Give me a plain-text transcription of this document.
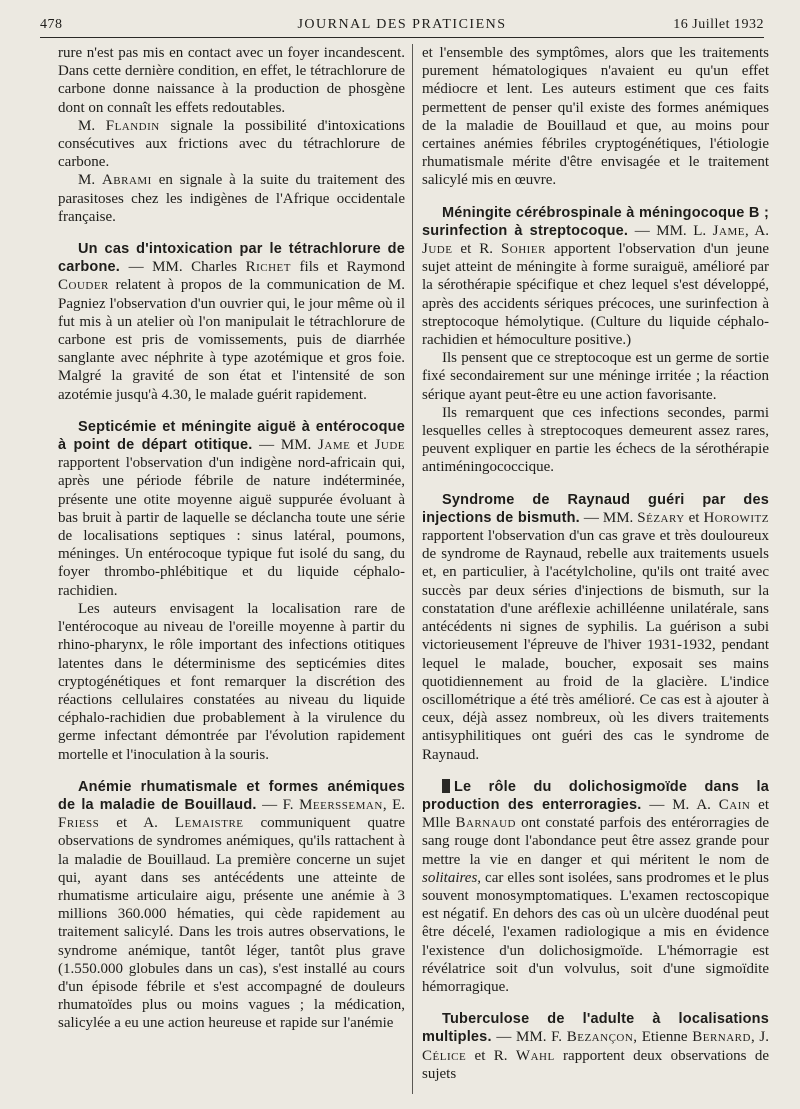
478	JOURNAL DES PRATICIENS	16 Juillet 1932

rure n'est pas mis en contact avec un foyer incandescent. Dans cette dernière condition, en effet, le tétrachlorure de carbone donne naissance à la production de phosgène dont on connaît les effets redoutables.

M. Flandin signale la possibilité d'intoxications consécutives aux frictions avec du tétrachlorure de carbone.

M. Abrami en signale à la suite du traitement des parasitoses chez les indigènes de l'Afrique occidentale française.

Un cas d'intoxication par le tétrachlorure de carbone. — MM. Charles Richet fils et Raymond Couder relatent à propos de la communication de M. Pagniez l'observation d'un ouvrier qui, le jour même où il fut mis à un atelier où l'on manipulait le tétrachlorure de carbone est pris de vomissements, puis de diarrhée sanglante avec néphrite à type azotémique et gros foie. Malgré la gravité de son état et l'intensité de son azotémie jusqu'à 4.30, le malade guérit rapidement.

Septicémie et méningite aiguë à entérocoque à point de départ otitique. — MM. Jame et Jude rapportent l'observation d'un indigène nord-africain qui, après une période fébrile de nature indéterminée, présente une otite moyenne aiguë suppurée évoluant à bas bruit à partir de laquelle se déclancha toute une série de localisations septiques : sinus latéral, poumons, méninges. Un entérocoque typique fut isolé du sang, du foyer thrombo-phlébitique et du liquide céphalo-rachidien.

Les auteurs envisagent la localisation rare de l'entérocoque au niveau de l'oreille moyenne à partir du rhino-pharynx, le rôle important des infections otitiques latentes dans le déterminisme des septicémies dites cryptogénétiques et font remarquer la discrétion des réactions cellulaires constatées au niveau du liquide céphalo-rachidien due probablement à la virulence du germe infectant démontrée par l'évolution rapidement mortelle et l'inoculation à la souris.

Anémie rhumatismale et formes anémiques de la maladie de Bouillaud. — F. Meersseman, E. Friess et A. Lemaistre communiquent quatre observations de syndromes anémiques, qu'ils rattachent à la maladie de Bouillaud. La première concerne un sujet qui, ayant dans ses antécédents une atteinte de rhumatisme articulaire aigu, présente une anémie à 3 millions 360.000 hématies, qui cède rapidement au traitement salicylé. Dans les trois autres observations, le syndrome anémique, tantôt léger, tantôt plus grave (1.550.000 globules dans un cas), s'est installé au cours d'un épisode fébrile et s'est accompagné de douleurs rhumatoïdes plus ou moins vagues ; la médication, salicylée a eu une action heureuse et rapide sur l'anémie

et l'ensemble des symptômes, alors que les traitements purement hématologiques n'avaient eu qu'un effet médiocre et lent. Les auteurs estiment que ces faits permettent de penser qu'il existe des formes anémiques de la maladie de Bouillaud et que, au moins pour certaines anémies fébriles cryptogénétiques, l'étiologie rhumatismale mérite d'être envisagée et le traitement salicylé mis en œuvre.

Méningite cérébrospinale à méningocoque B ; surinfection à streptocoque. — MM. L. Jame, A. Jude et R. Sohier apportent l'observation d'un jeune sujet atteint de méningite à forme suraiguë, amélioré par la sérothérapie spécifique et chez lequel s'est développé, après des accidents sériques précoces, une surinfection à streptocoque hémolytique. (Culture du liquide céphalo-rachidien et hémoculture positive.)

Ils pensent que ce streptocoque est un germe de sortie fixé secondairement sur une méninge irritée ; la réaction sérique ayant peut-être eu une action favorisante.

Ils remarquent que ces infections secondes, parmi lesquelles celles à streptocoques demeurent assez rares, peuvent expliquer en partie les échecs de la sérothérapie antiméningococcique.

Syndrome de Raynaud guéri par des injections de bismuth. — MM. Sézary et Horowitz rapportent l'observation d'un cas grave et très douloureux de syndrome de Raynaud, rebelle aux traitements usuels et, en particulier, à l'acétylcholine, qu'ils ont traité avec succès par deux séries d'injections de bismuth, sur la constatation d'une aréflexie achilléenne unilatérale, sans antécédents ni signes de syphilis. La guérison a subi victorieusement l'épreuve de l'hiver 1931-1932, pendant lequel le malade, boucher, exposait ses mains quotidiennement au froid de la glacière. L'indice oscillométrique a été très amélioré. Ce cas est à ajouter à ceux, déjà assez nombreux, où les divers traitements antisyphilitiques ont guéri des cas le syndrome de Raynaud.

Le rôle du dolichosigmoïde dans la production des enterroragies. — M. A. Cain et Mlle Barnaud ont constaté parfois des entérorragies de sang rouge dont l'abondance peut être assez grande pour mettre la vie en danger et qui méritent le nom de solitaires, car elles sont isolées, sans prodromes et le plus souvent monosymptomatiques. L'examen rectoscopique est négatif. En dehors des cas où un ulcère duodénal peut être décelé, l'examen radiologique a mis en évidence l'existence d'un dolichosigmoïde. L'hémorragie est révélatrice soit d'un volvulus, soit d'une sigmoïdite hémorragique.

Tuberculose de l'adulte à localisations multiples. — MM. F. Bezançon, Etienne Bernard, J. Célice et R. Wahl rapportent deux observations de sujets
